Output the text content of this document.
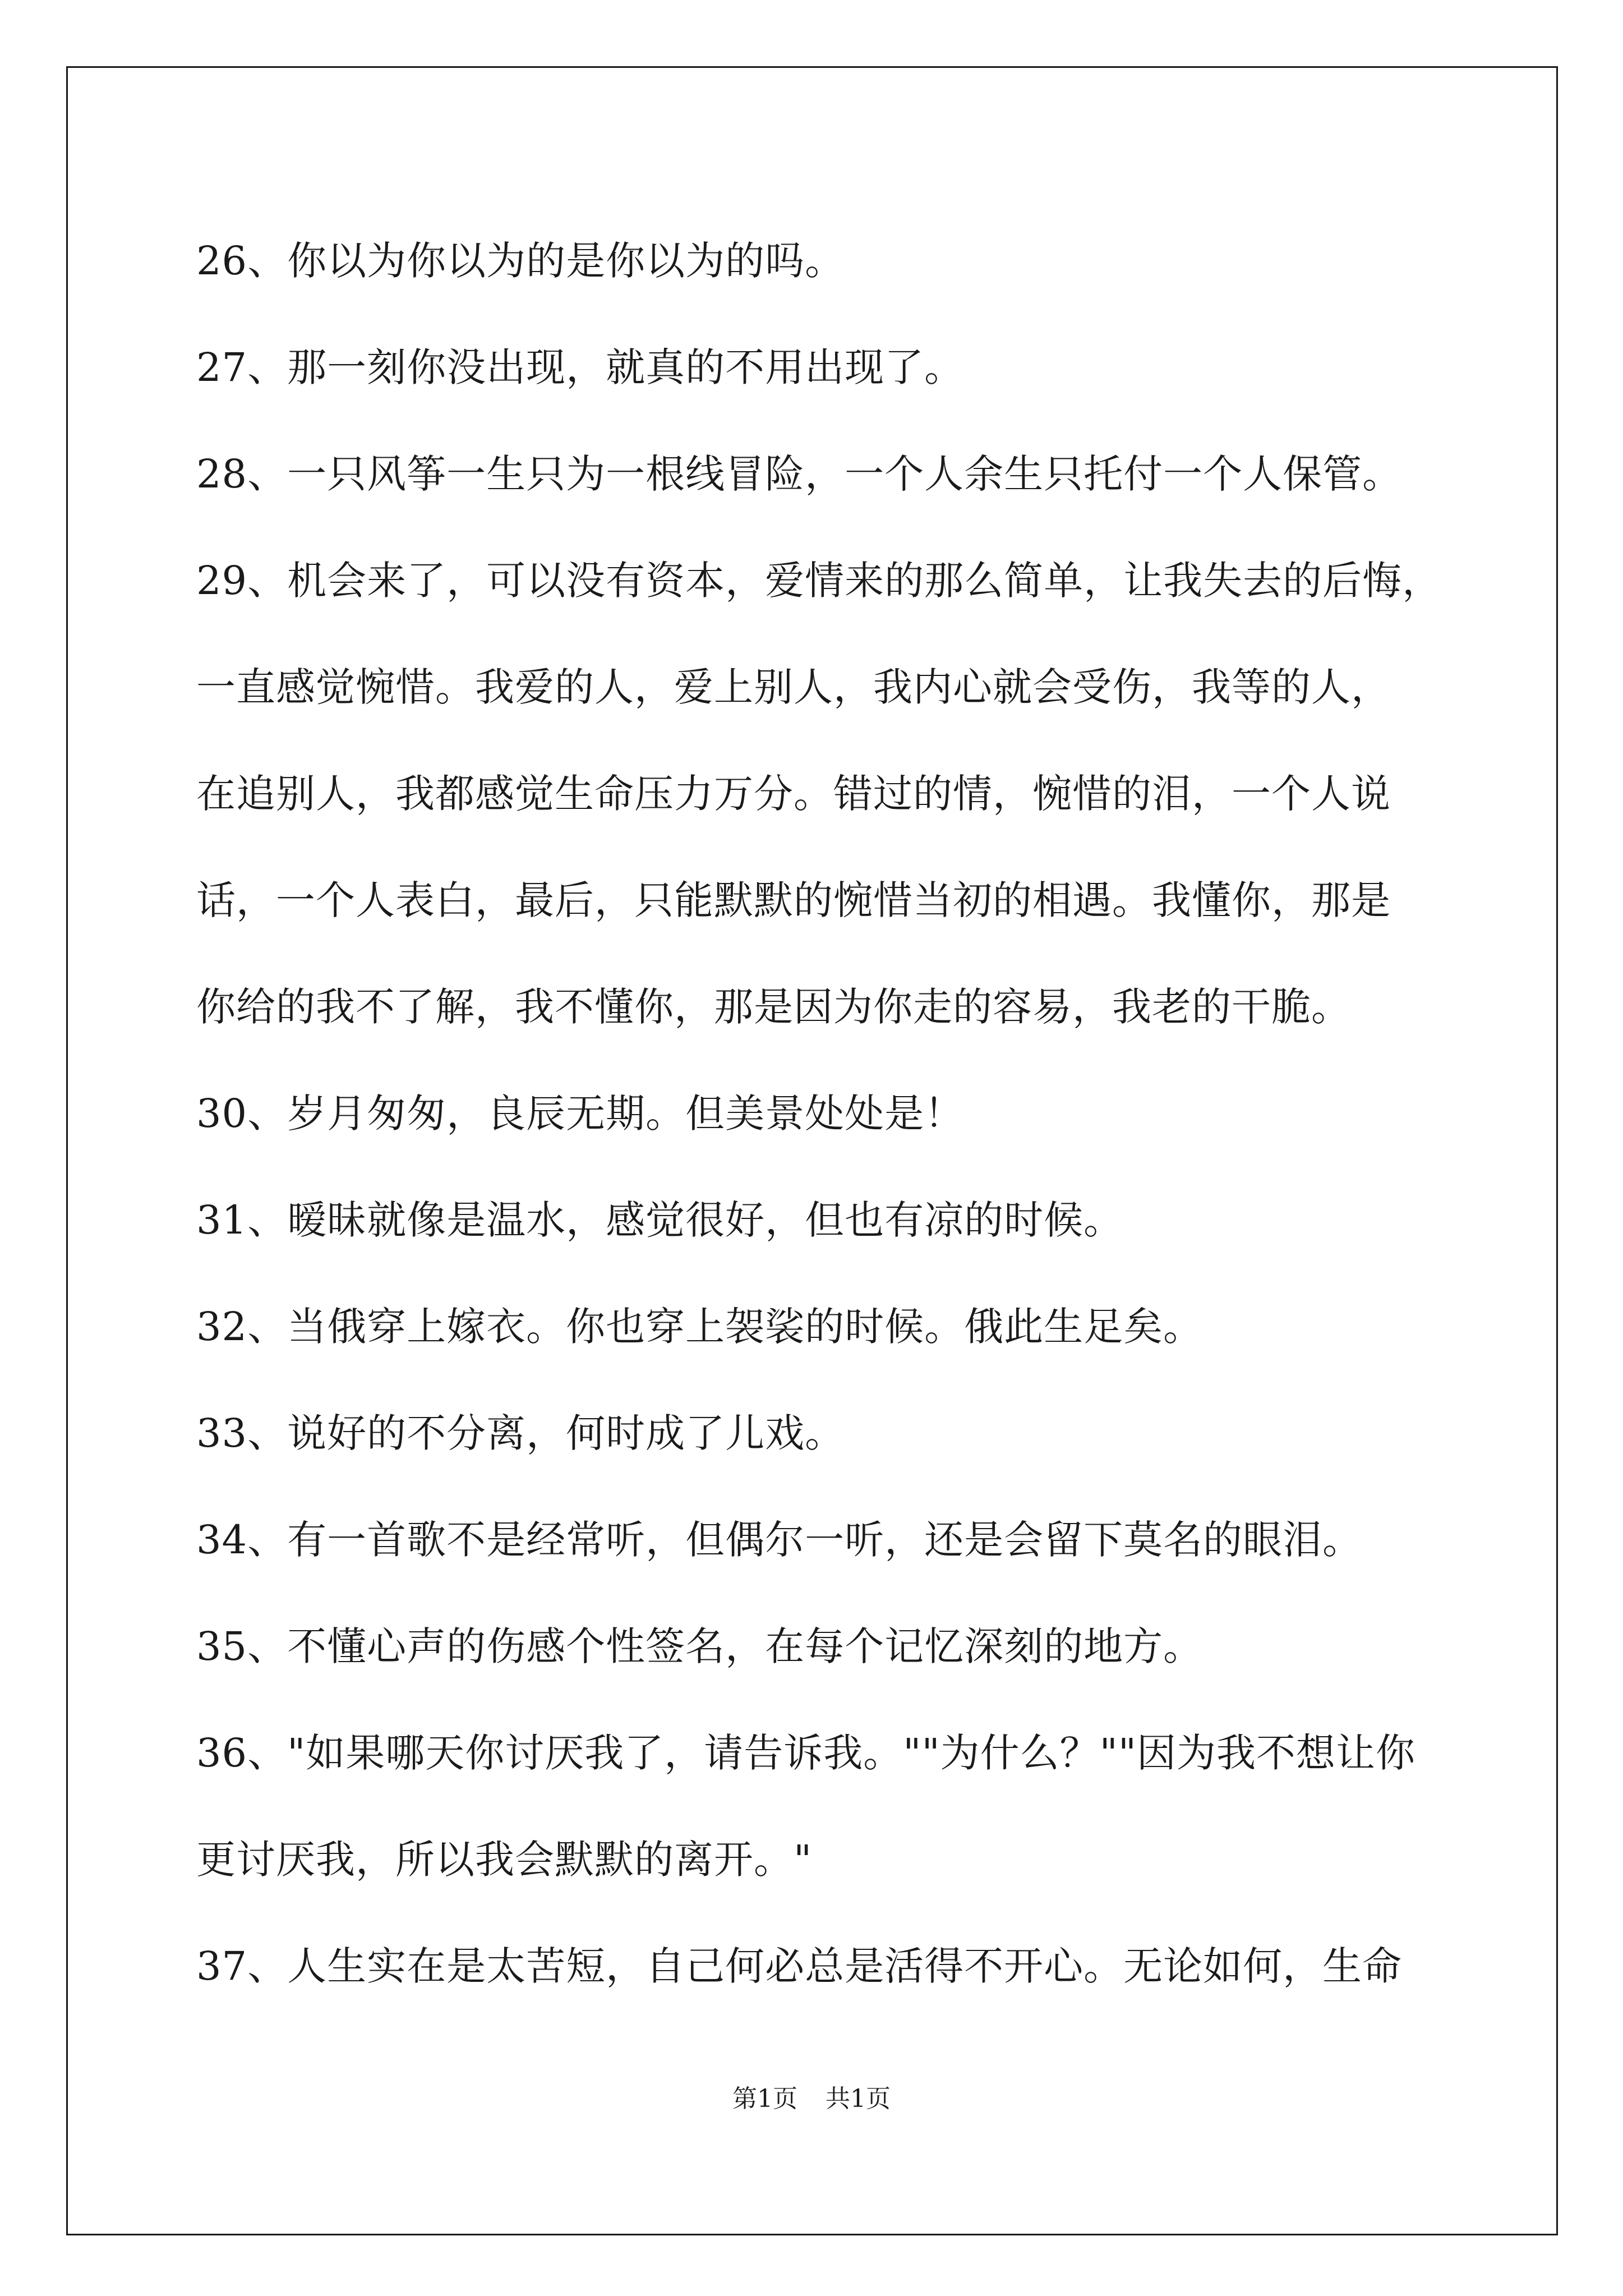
26、你以为你以为的是你以为的吗。
27、那一刻你没出现，就真的不用出现了。
28、一只风筝一生只为一根线冒险，一个人余生只托付一个人保管。
29、机会来了，可以没有资本，爱情来的那么简单，让我失去的后悔，
一直感觉惋惜。我爱的人，爱上别人，我内心就会受伤，我等的人，
在追别人，我都感觉生命压力万分。错过的情，惋惜的泪，一个人说
话，一个人表白，最后，只能默默的惋惜当初的相遇。我懂你，那是
你给的我不了解，我不懂你，那是因为你走的容易，我老的干脆。
30、岁月匆匆，良辰无期。但美景处处是！
31、暧昧就像是温水，感觉很好，但也有凉的时候。
32、当俄穿上嫁衣。你也穿上袈裟的时候。俄此生足矣。
33、说好的不分离，何时成了儿戏。
34、有一首歌不是经常听，但偶尔一听，还是会留下莫名的眼泪。
35、不懂心声的伤感个性签名，在每个记忆深刻的地方。
36、"如果哪天你讨厌我了，请告诉我。""为什么？""因为我不想让你
更讨厌我，所以我会默默的离开。"
37、人生实在是太苦短，自己何必总是活得不开心。无论如何，生命
第1页 共1页
